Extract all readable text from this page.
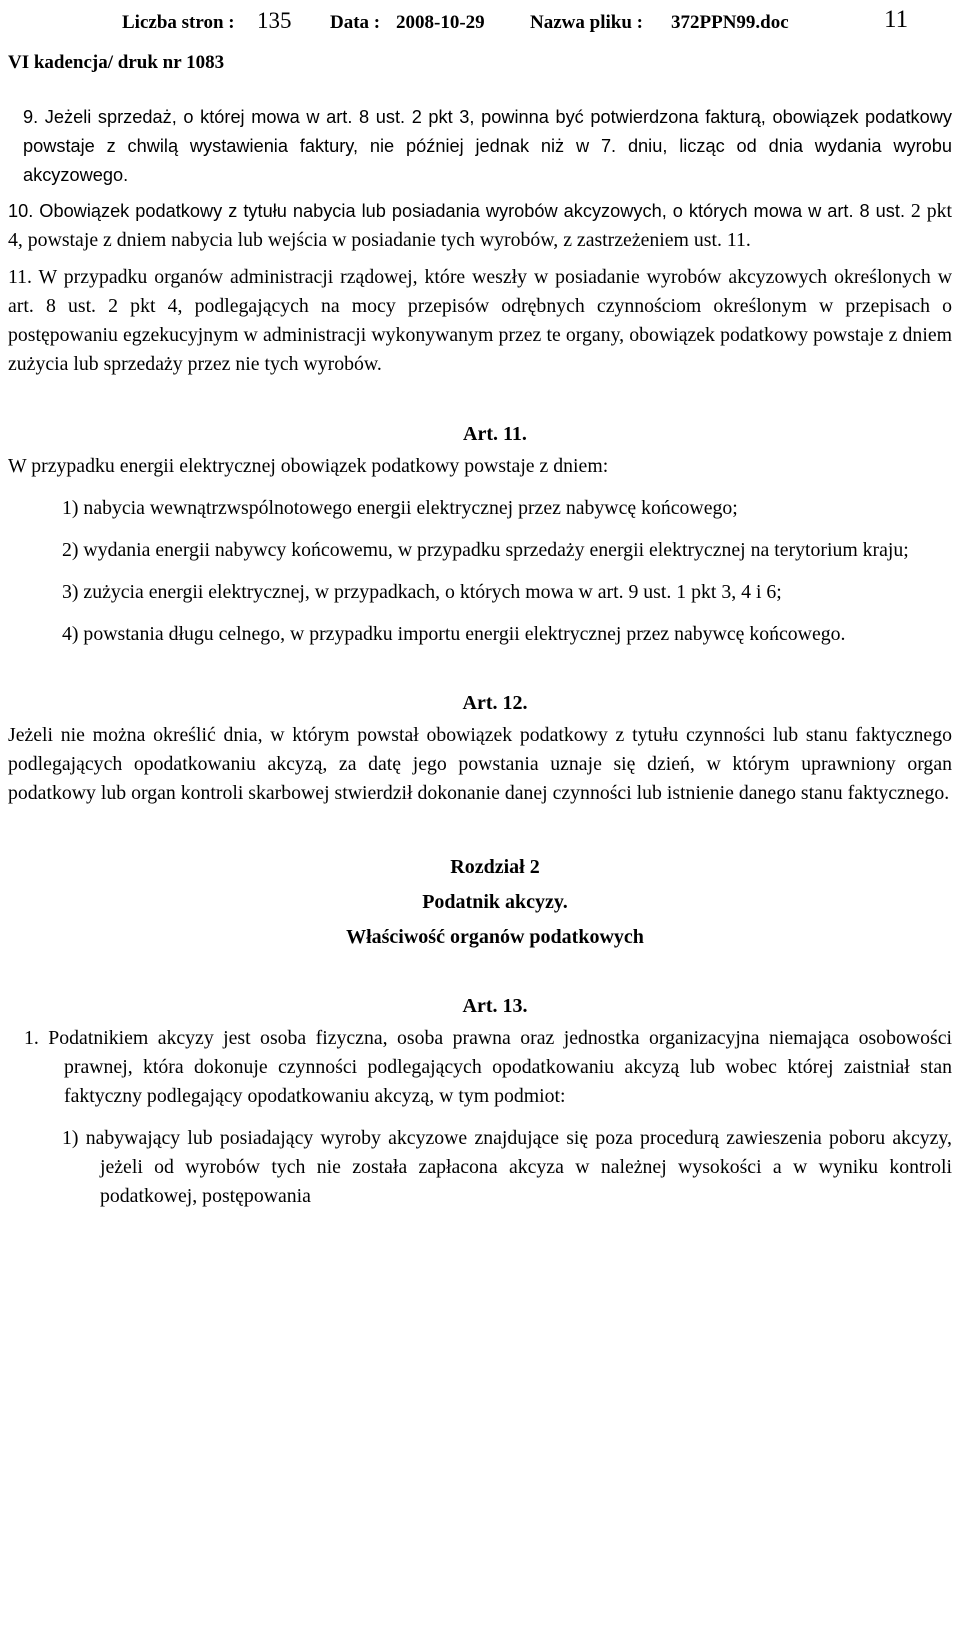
Liczba stron : 135 Data : 2008-10-29 Nazwa pliku : 372PPN99.doc	11
VI kadencja/ druk nr 1083

9. Jeżeli sprzedaż, o której mowa w art. 8 ust. 2 pkt 3, powinna być potwierdzona fakturą, obowiązek podatkowy powstaje z chwilą wystawienia faktury, nie później jednak niż w 7. dniu, licząc od dnia wydania wyrobu akcyzowego.

10. Obowiązek podatkowy z tytułu nabycia lub posiadania wyrobów akcyzowych, o których mowa w art. 8 ust. 2 pkt 4, powstaje z dniem nabycia lub wejścia w posiadanie tych wyrobów, z zastrzeżeniem ust. 11.

11. W przypadku organów administracji rządowej, które weszły w posiadanie wyrobów akcyzowych określonych w art. 8 ust. 2 pkt 4, podlegających na mocy przepisów odrębnych czynnościom określonym w przepisach o postępowaniu egzekucyjnym w administracji wykonywanym przez te organy, obowiązek podatkowy powstaje z dniem zużycia lub sprzedaży przez nie tych wyrobów.

Art. 11.

W przypadku energii elektrycznej obowiązek podatkowy powstaje z dniem:

1) nabycia wewnątrzwspólnotowego energii elektrycznej przez nabywcę końcowego;

2) wydania energii nabywcy końcowemu, w przypadku sprzedaży energii elektrycznej na terytorium kraju;

3) zużycia energii elektrycznej, w przypadkach, o których mowa w art. 9 ust. 1 pkt 3, 4 i 6;

4) powstania długu celnego, w przypadku importu energii elektrycznej przez nabywcę końcowego.

Art. 12.

Jeżeli nie można określić dnia, w którym powstał obowiązek podatkowy z tytułu czynności lub stanu faktycznego podlegających opodatkowaniu akcyzą, za datę jego powstania uznaje się dzień, w którym uprawniony organ podatkowy lub organ kontroli skarbowej stwierdził dokonanie danej czynności lub istnienie danego stanu faktycznego.

Rozdział 2

Podatnik akcyzy.

Właściwość organów podatkowych

Art. 13.

1. Podatnikiem akcyzy jest osoba fizyczna, osoba prawna oraz jednostka organizacyjna niemająca osobowości prawnej, która dokonuje czynności podlegających opodatkowaniu akcyzą lub wobec której zaistniał stan faktyczny podlegający opodatkowaniu akcyzą, w tym podmiot:

1) nabywający lub posiadający wyroby akcyzowe znajdujące się poza procedurą zawieszenia poboru akcyzy, jeżeli od wyrobów tych nie została zapłacona akcyza w należnej wysokości a w wyniku kontroli podatkowej, postępowania
